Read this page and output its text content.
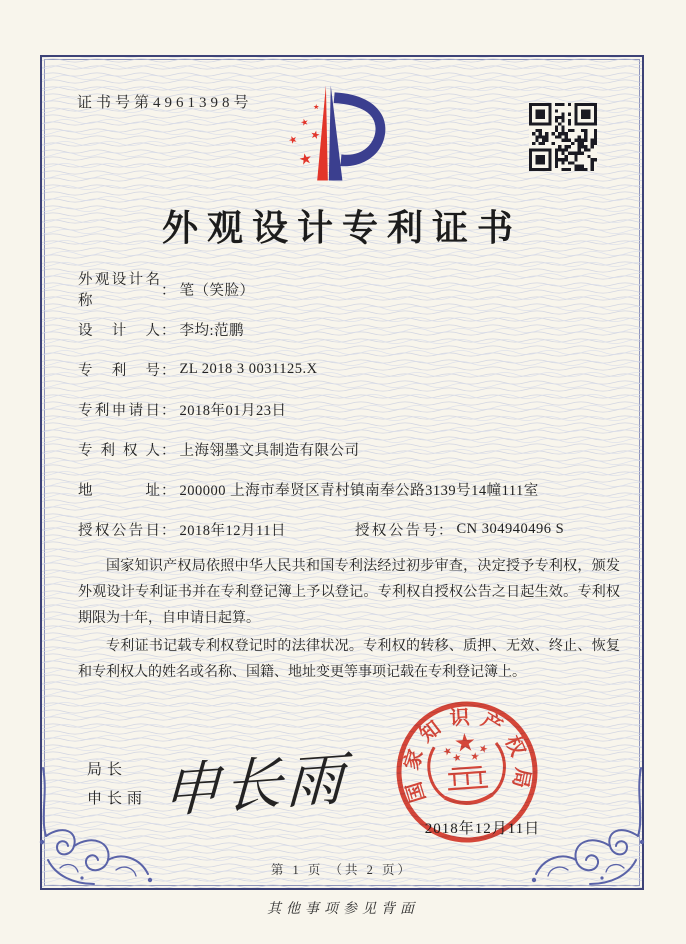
证书号第4961398号
外观设计专利证书
外观设计名称
： 笔（笑脸）
设计人 ： 李均:范鹏
专利号 ： ZL 2018 3 0031125.X
专利申请日 ： 2018年01月23日
专利权人 ： 上海翎墨文具制造有限公司
地址 ： 200000 上海市奉贤区青村镇南奉公路3139号14幢111室
授权公告日 ： 2018年12月11日	授权公告号 ： CN 304940496 S

国家知识产权局依照中华人民共和国专利法经过初步审查，决定授予专利权，颁发外观设计专利证书并在专利登记簿上予以登记。专利权自授权公告之日起生效。专利权期限为十年，自申请日起算。

专利证书记载专利权登记时的法律状况。专利权的转移、质押、无效、终止、恢复和专利权人的姓名或名称、国籍、地址变更等事项记载在专利登记簿上。

局长
申长雨 申长雨	国家知识产权局
2018年12月11日
第 1 页 （共 2 页）
其他事项参见背面
